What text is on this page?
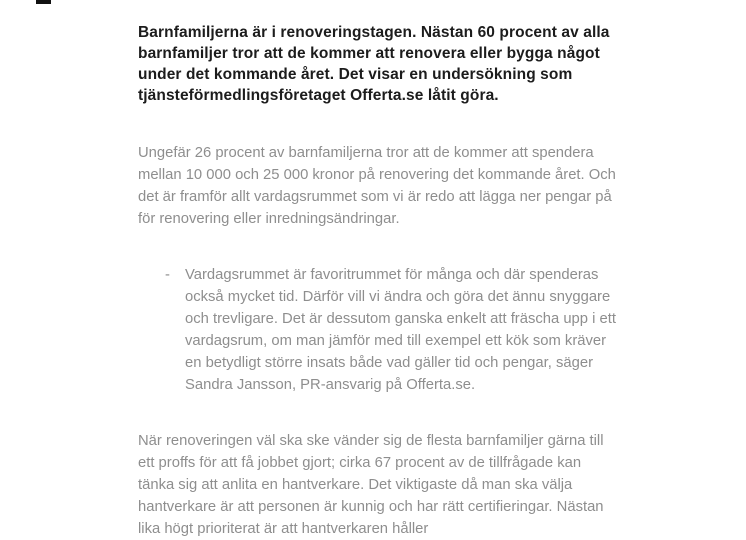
Barnfamiljerna är i renoveringstagen. Nästan 60 procent av alla barnfamiljer tror att de kommer att renovera eller bygga något under det kommande året. Det visar en undersökning som tjänsteförmedlingsföretaget Offerta.se låtit göra.

Ungefär 26 procent av barnfamiljerna tror att de kommer att spendera mellan 10 000 och 25 000 kronor på renovering det kommande året. Och det är framför allt vardagsrummet som vi är redo att lägga ner pengar på för renovering eller inredningsändringar.

-	Vardagsrummet är favoritrummet för många och där spenderas också mycket tid. Därför vill vi ändra och göra det ännu snyggare och trevligare. Det är dessutom ganska enkelt att fräscha upp i ett vardagsrum, om man jämför med till exempel ett kök som kräver en betydligt större insats både vad gäller tid och pengar, säger Sandra Jansson, PR-ansvarig på Offerta.se.

När renoveringen väl ska ske vänder sig de flesta barnfamiljer gärna till ett proffs för att få jobbet gjort; cirka 67 procent av de tillfrågade kan tänka sig att anlita en hantverkare. Det viktigaste då man ska välja hantverkare är att personen är kunnig och har rätt certifieringar. Nästan lika högt prioriterat är att hantverkaren håller
